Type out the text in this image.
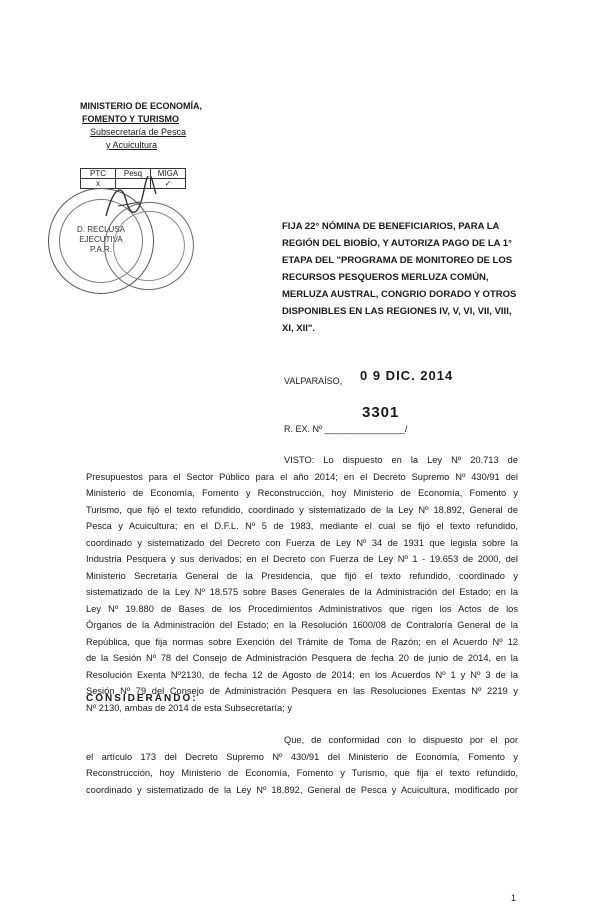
MINISTERIO DE ECONOMÍA,
FOMENTO Y TURISMO
Subsecretaría de Pesca
y Acuicultura
PTC	Pesq	MIGA
x		✓
D. RECLUSA
EJECUTIVA
P.A.R.
FIJA 22° NÓMINA DE BENEFICIARIOS, PARA LA
REGIÓN DEL BIOBÍO, Y AUTORIZA PAGO DE LA 1°
ETAPA DEL "PROGRAMA DE MONITOREO DE LOS
RECURSOS PESQUEROS MERLUZA COMÚN,
MERLUZA AUSTRAL, CONGRIO DORADO Y OTROS
DISPONIBLES EN LAS REGIONES IV, V, VI, VII, VIII,
XI, XII".
VALPARAÍSO, 0 9 DIC. 2014
3301
R. EX. Nº ________________/
VISTO: Lo dispuesto en la Ley Nº 20.713 de
Presupuestos para el Sector Público para el año 2014; en el Decreto Supremo Nº 430/91 del
Ministerio de Economía, Fomento y Reconstrucción, hoy Ministerio de Economía, Fomento y
Turismo, que fijó el texto refundido, coordinado y sistematizado de la Ley Nº 18.892, General de
Pesca y Acuicultura; en el D.F.L. Nº 5 de 1983, mediante el cual se fijó el texto refundido,
coordinado y sistematizado del Decreto con Fuerza de Ley Nº 34 de 1931 que legisla sobre la
Industria Pesquera y sus derivados; en el Decreto con Fuerza de Ley Nº 1 - 19.653 de 2000, del
Ministerio Secretaría General de la Presidencia, que fijó el texto refundido, coordinado y
sistematizado de la Ley Nº 18.575 sobre Bases Generales de la Administración del Estado; en la
Ley Nº 19.880 de Bases de los Procedimientos Administrativos que rigen los Actos de los
Órganos de la Administración del Estado; en la Resolución 1600/08 de Contraloría General de la
República, que fija normas sobre Exención del Trámite de Toma de Razón; en el Acuerdo Nº 12
de la Sesión Nº 78 del Consejo de Administración Pesquera de fecha 20 de junio de 2014, en la
Resolución Exenta Nº2130, de fecha 12 de Agosto de 2014; en los Acuerdos Nº 1 y Nº 3 de la
Sesión Nº 79 del Consejo de Administración Pesquera en las Resoluciones Exentas Nº 2219 y
Nº 2130, ambas de 2014 de esta Subsecretaría; y
CONSIDERANDO:
Que, de conformidad con lo dispuesto por el por
el artículo 173 del Decreto Supremo Nº 430/91 del Ministerio de Economía, Fomento y
Reconstrucción, hoy Ministerio de Economía, Fomento y Turismo, que fija el texto refundido,
coordinado y sistematizado de la Ley Nº 18.892, General de Pesca y Acuicultura, modificado por
1
